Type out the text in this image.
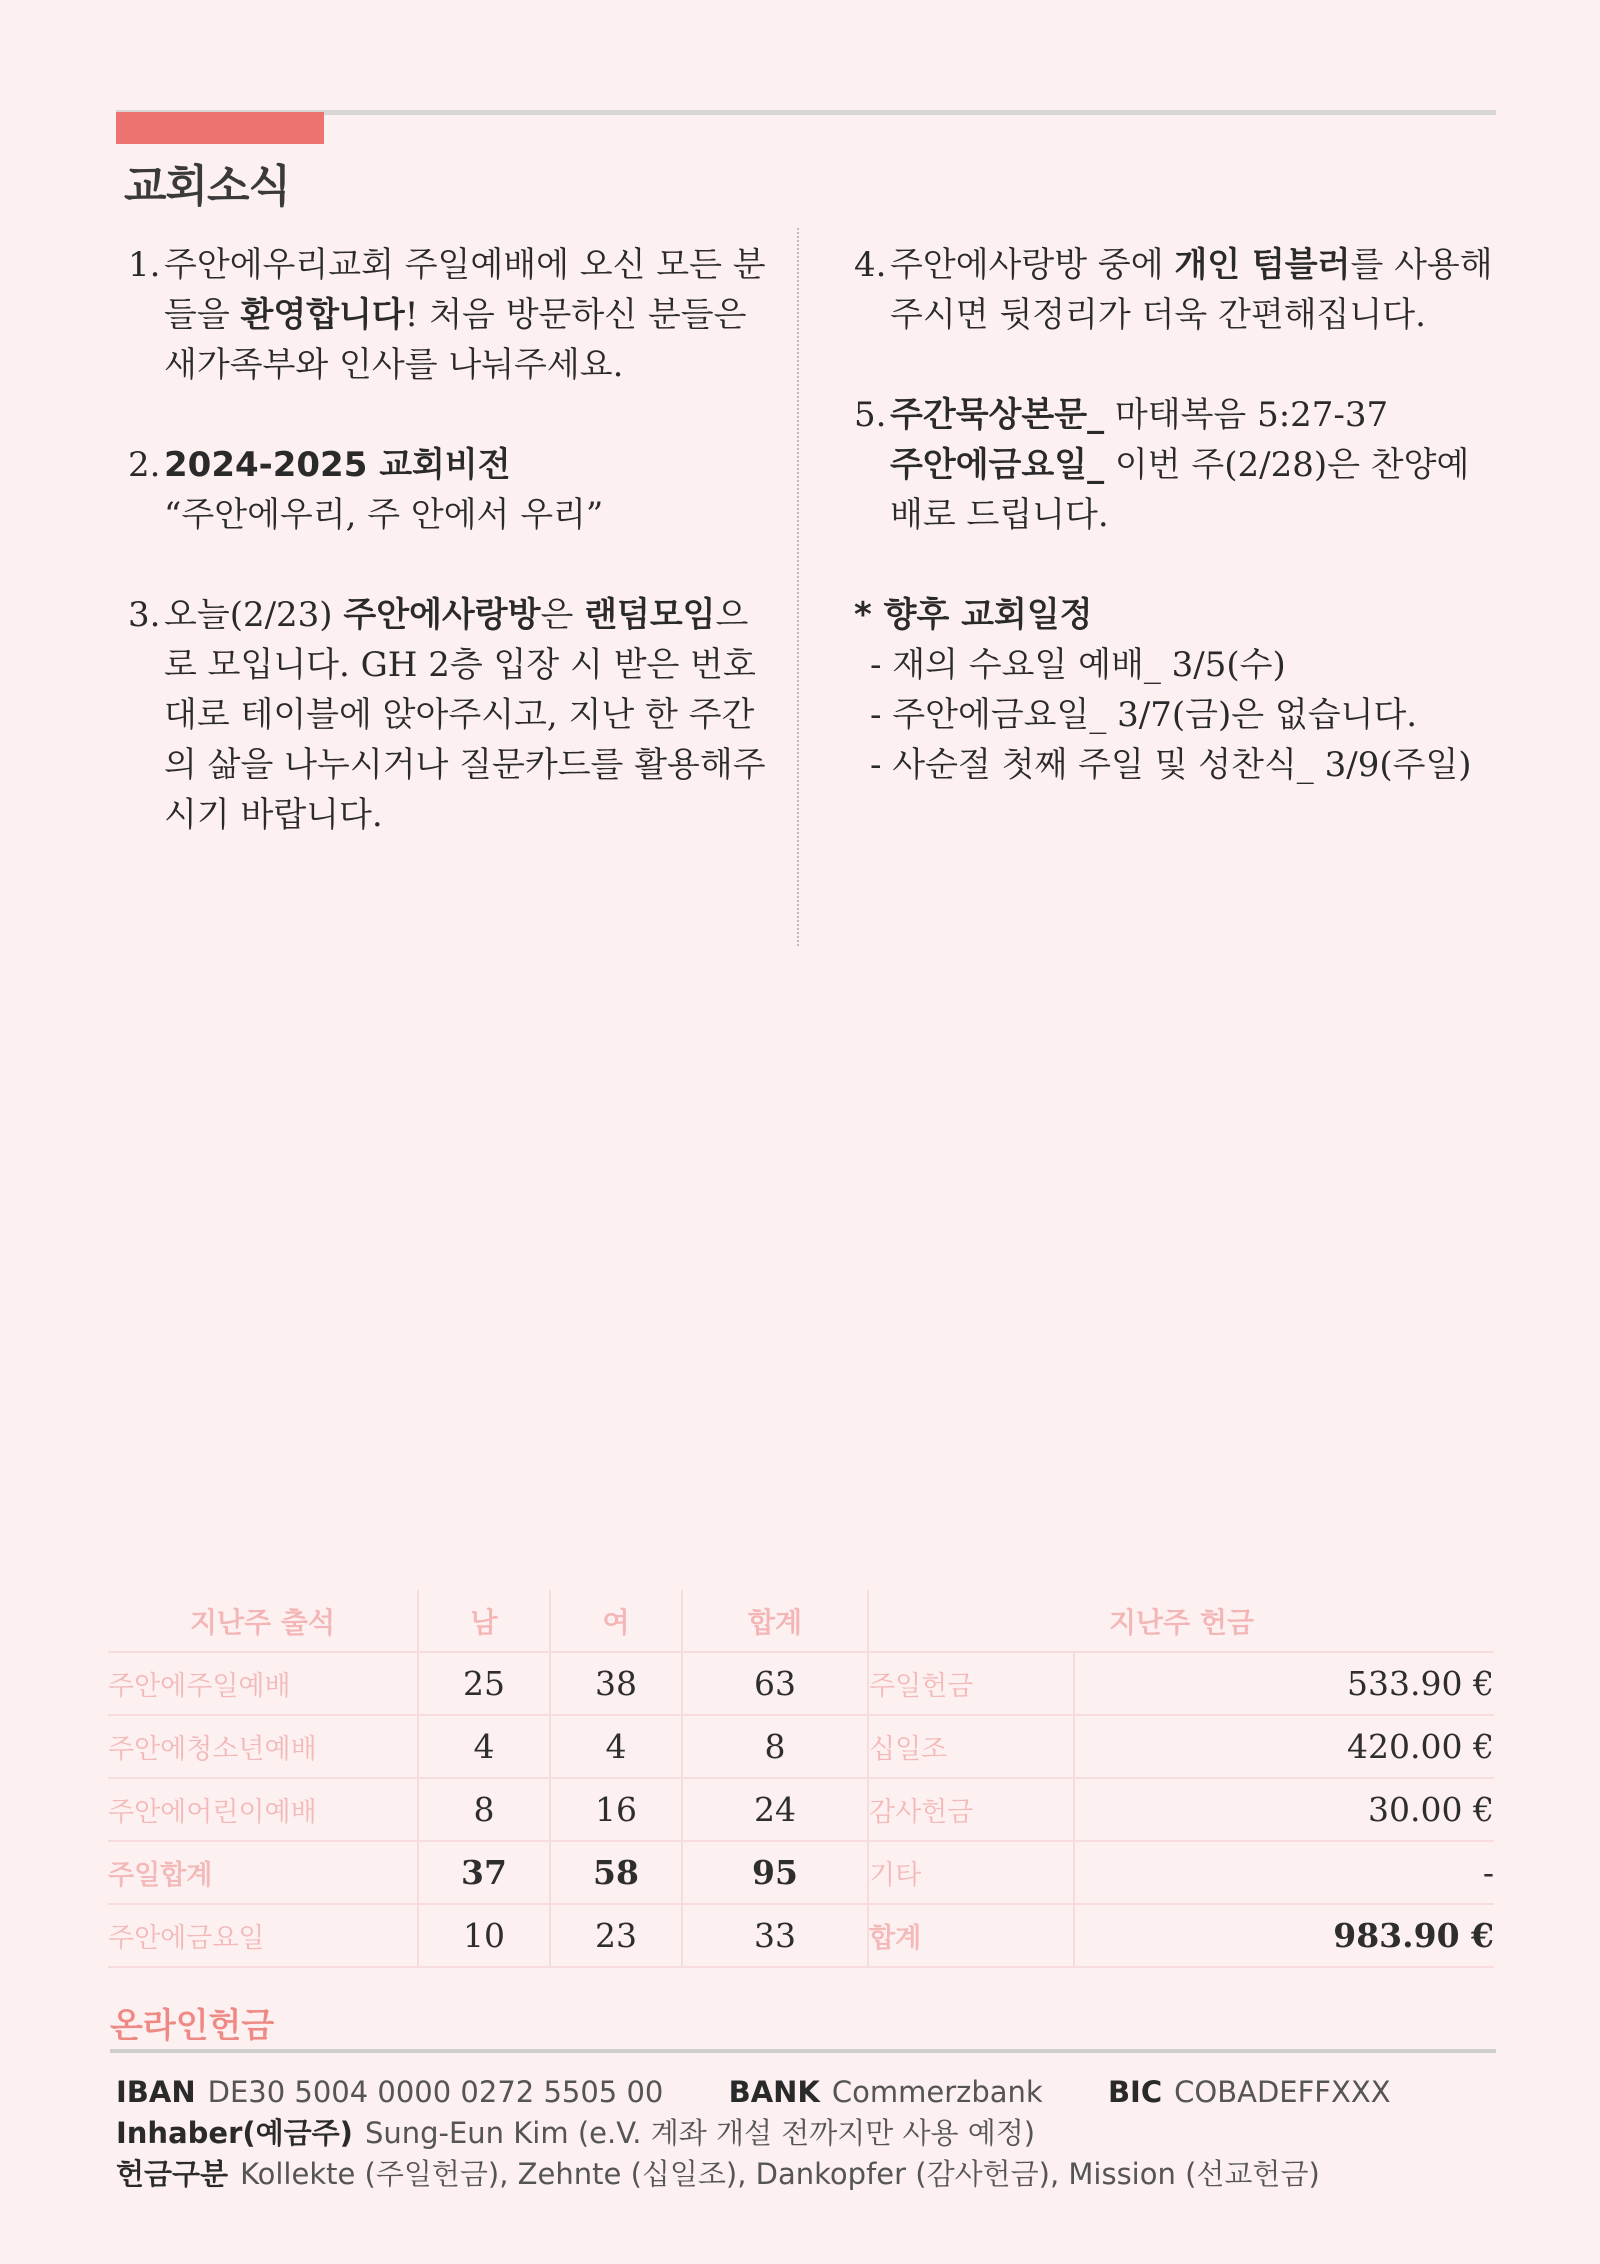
교회소식
1. 주안에우리교회 주일예배에 오신 모든 분들을 환영합니다! 처음 방문하신 분들은 새가족부와 인사를 나눠주세요.

2. 2024-2025 교회비전

“주안에우리, 주 안에서 우리”

3. 오늘(2/23) 주안에사랑방은 랜덤모임으로 모입니다. GH 2층 입장 시 받은 번호대로 테이블에 앉아주시고, 지난 한 주간의 삶을 나누시거나 질문카드를 활용해주시기 바랍니다.

4. 주안에사랑방 중에 개인 텀블러를 사용해주시면 뒷정리가 더욱 간편해집니다.

5. 주간묵상본문_ 마태복음 5:27-37

주안에금요일_ 이번 주(2/28)은 찬양예배로 드립니다.

* 향후 교회일정

- 재의 수요일 예배_ 3/5(수)
- 주안에금요일_ 3/7(금)은 없습니다.
- 사순절 첫째 주일 및 성찬식_ 3/9(주일)
지난주 출석	남	여	합계	지난주 헌금	
주안에주일예배	25	38	63	주일헌금	533.90 €
주안에청소년예배	4	4	8	십일조	420.00 €
주안에어린이예배	8	16	24	감사헌금	30.00 €
주일합계	37	58	95	기타	-
주안에금요일	10	23	33	합계	983.90 €
온라인헌금

IBAN DE30 5004 0000 0272 5505 00 BANK Commerzbank BIC COBADEFFXXX

Inhaber(예금주) Sung-Eun Kim (e.V. 계좌 개설 전까지만 사용 예정)

헌금구분 Kollekte (주일헌금), Zehnte (십일조), Dankopfer (감사헌금), Mission (선교헌금)
